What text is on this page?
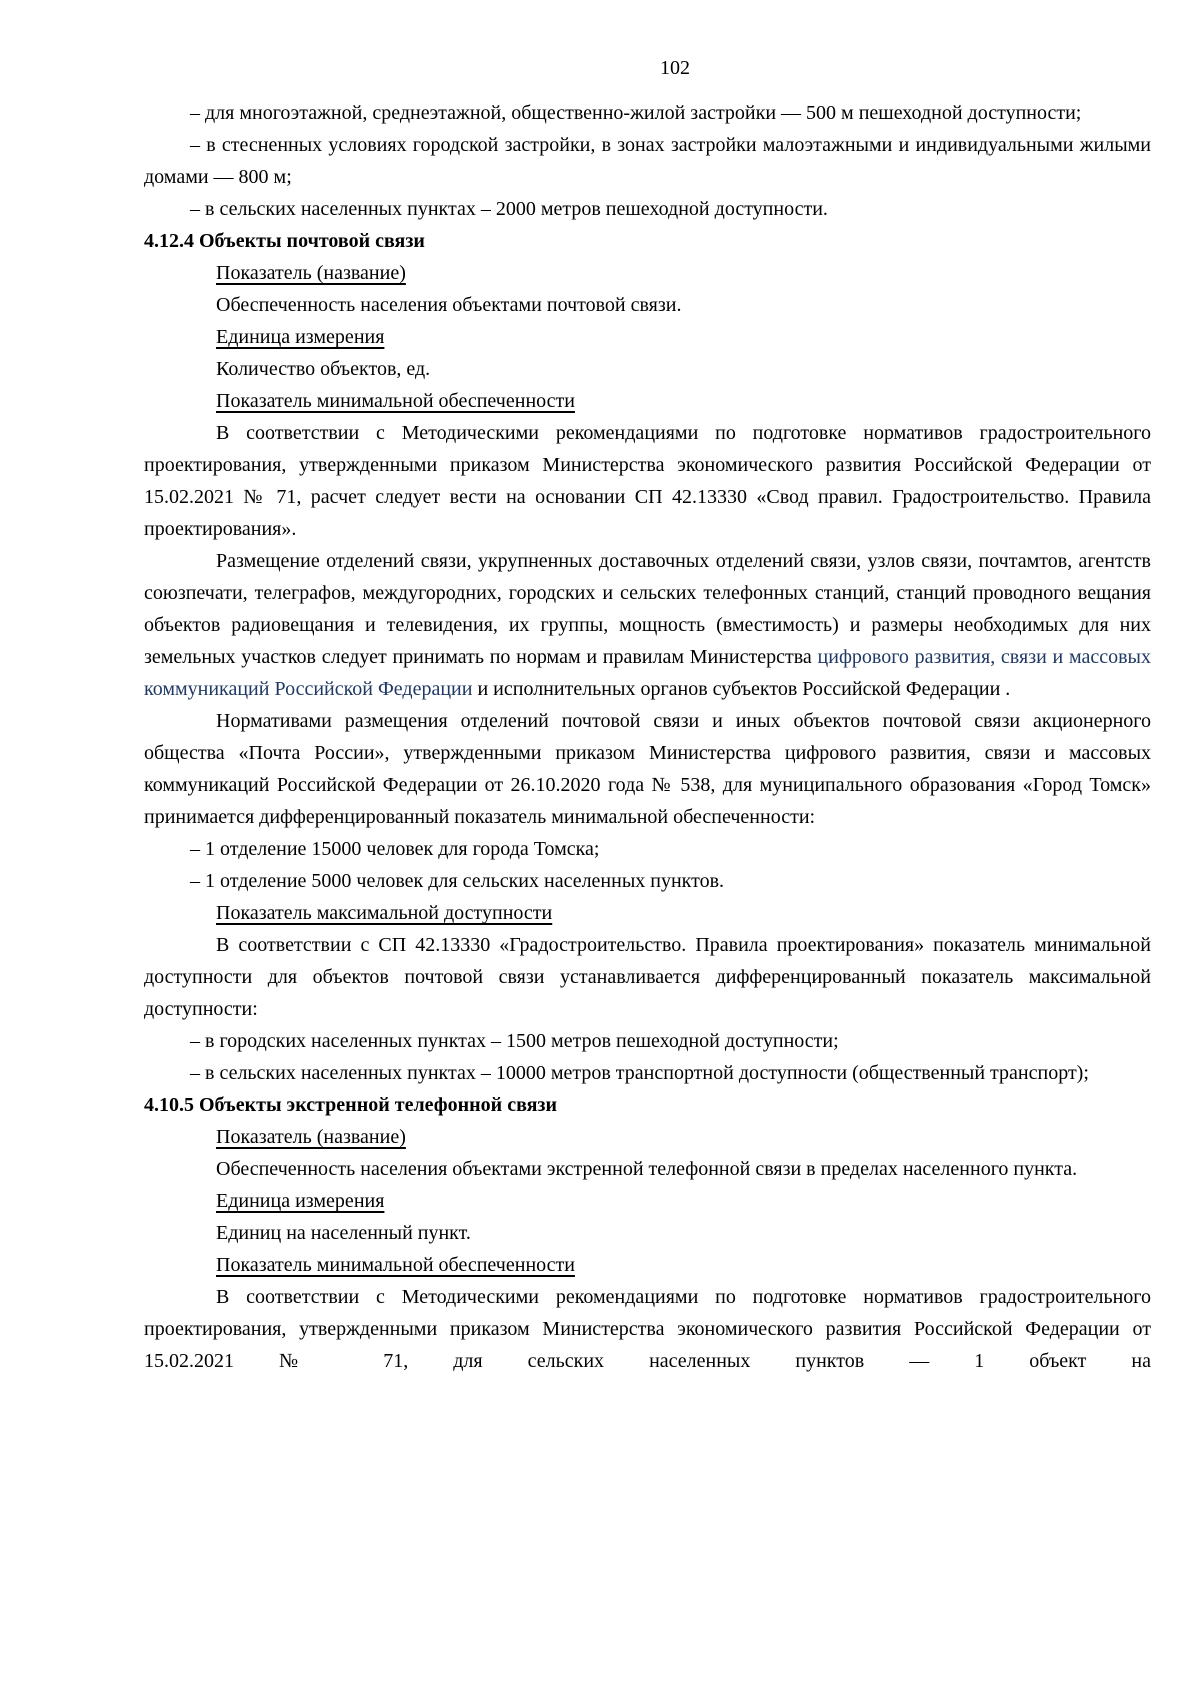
102

– для многоэтажной, среднеэтажной, общественно-жилой застройки — 500 м пешеходной доступности;

– в стесненных условиях городской застройки, в зонах застройки малоэтажными и индивидуальными жилыми домами — 800 м;

– в сельских населенных пунктах – 2000 метров пешеходной доступности.

4.12.4 Объекты почтовой связи

Показатель (название)

Обеспеченность населения объектами почтовой связи.

Единица измерения

Количество объектов, ед.

Показатель минимальной обеспеченности

В соответствии с Методическими рекомендациями по подготовке нормативов градостроительного проектирования, утвержденными приказом Министерства экономического развития Российской Федерации от 15.02.2021 № 71, расчет следует вести на основании СП 42.13330 «Свод правил. Градостроительство. Правила проектирования».

Размещение отделений связи, укрупненных доставочных отделений связи, узлов связи, почтамтов, агентств союзпечати, телеграфов, междугородних, городских и сельских телефонных станций, станций проводного вещания объектов радиовещания и телевидения, их группы, мощность (вместимость) и размеры необходимых для них земельных участков следует принимать по нормам и правилам Министерства цифрового развития, связи и массовых коммуникаций Российской Федерации и исполнительных органов субъектов Российской Федерации .

Нормативами размещения отделений почтовой связи и иных объектов почтовой связи акционерного общества «Почта России», утвержденными приказом Министерства цифрового развития, связи и массовых коммуникаций Российской Федерации от 26.10.2020 года № 538, для муниципального образования «Город Томск» принимается дифференцированный показатель минимальной обеспеченности:

– 1 отделение 15000 человек для города Томска;

– 1 отделение 5000 человек для сельских населенных пунктов.

Показатель максимальной доступности

В соответствии с СП 42.13330 «Градостроительство. Правила проектирования» показатель минимальной доступности для объектов почтовой связи устанавливается дифференцированный показатель максимальной доступности:

– в городских населенных пунктах – 1500 метров пешеходной доступности;

– в сельских населенных пунктах – 10000 метров транспортной доступности (общественный транспорт);

4.10.5 Объекты экстренной телефонной связи

Показатель (название)

Обеспеченность населения объектами экстренной телефонной связи в пределах населенного пункта.

Единица измерения

Единиц на населенный пункт.

Показатель минимальной обеспеченности

В соответствии с Методическими рекомендациями по подготовке нормативов градостроительного проектирования, утвержденными приказом Министерства экономического развития Российской Федерации от 15.02.2021 № 71, для сельских населенных пунктов — 1 объект на
